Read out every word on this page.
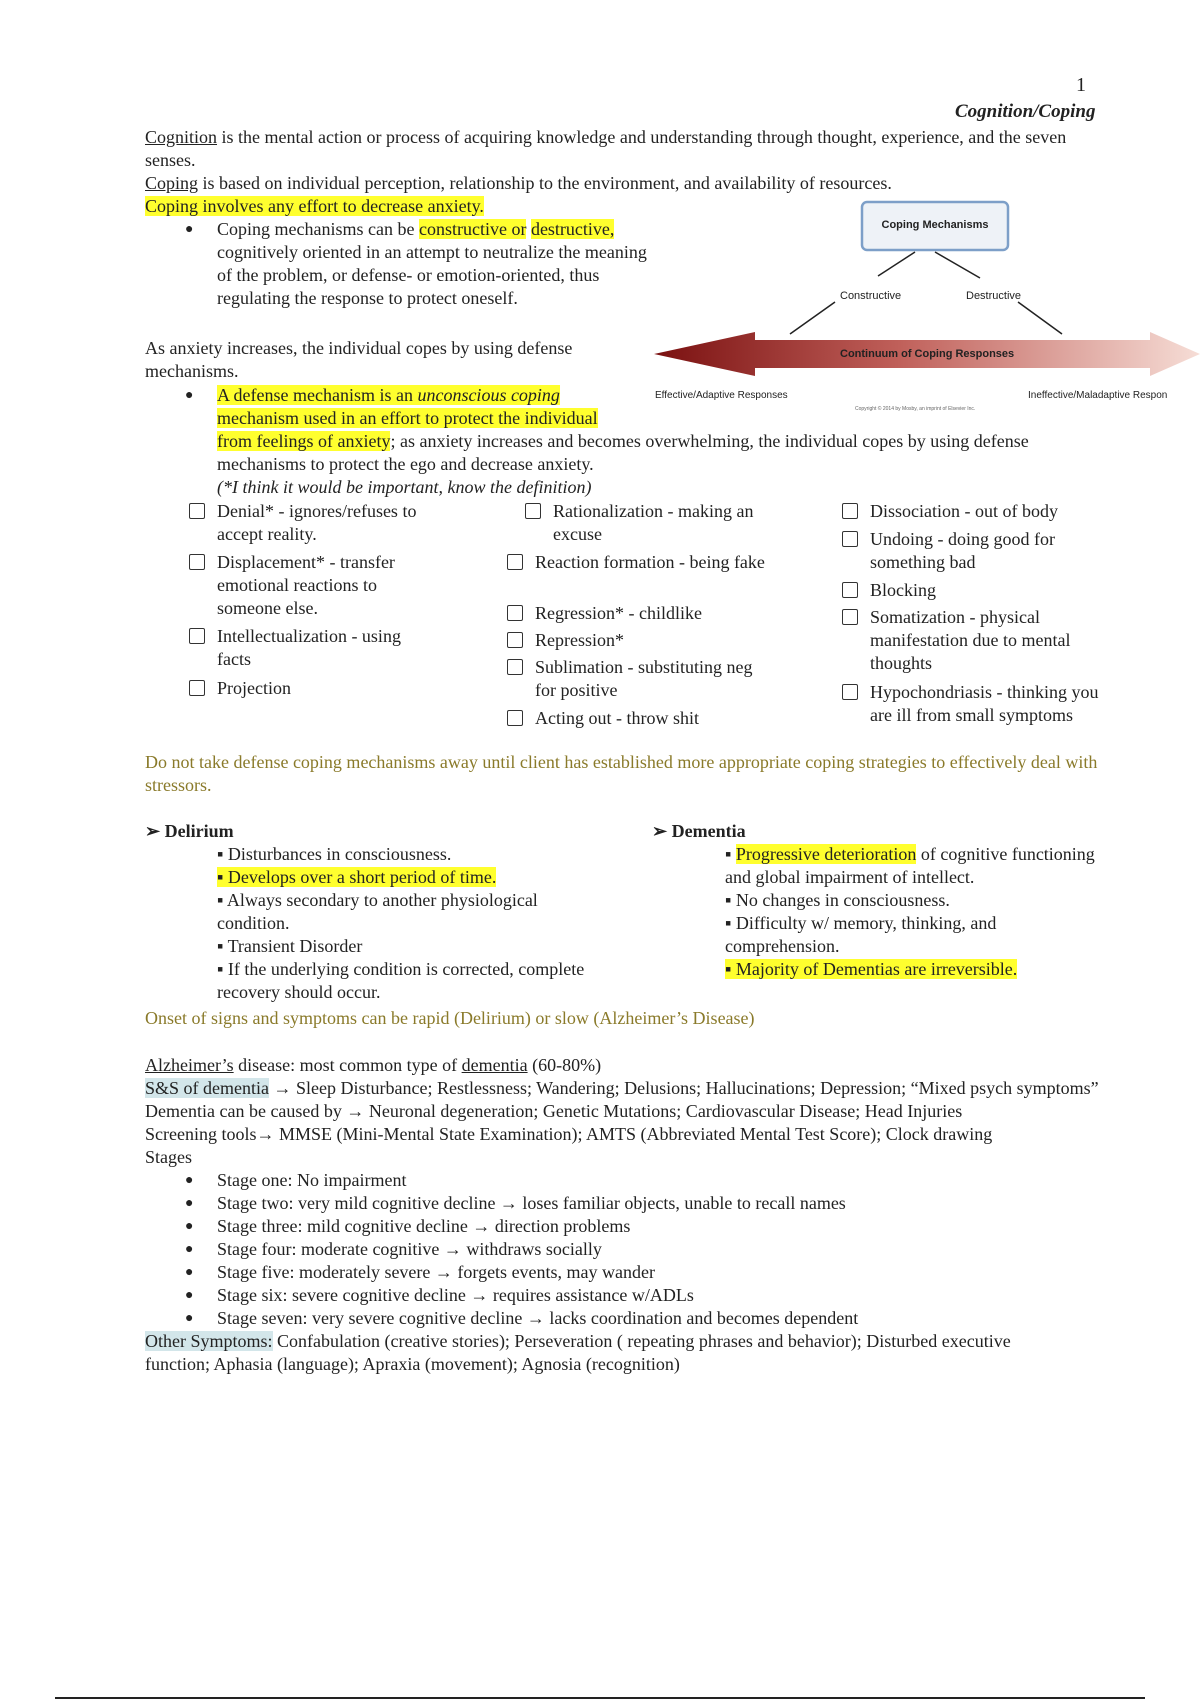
1
Cognition/Coping
Cognition is the mental action or process of acquiring knowledge and understanding through thought, experience, and the seven senses.
Coping is based on individual perception, relationship to the environment, and availability of resources.
Coping involves any effort to decrease anxiety.
● Coping mechanisms can be constructive or destructive, cognitively oriented in an attempt to neutralize the meaning of the problem, or defense- or emotion-oriented, thus regulating the response to protect oneself.
As anxiety increases, the individual copes by using defense mechanisms.
● A defense mechanism is an unconscious coping
mechanism used in an effort to protect the individual
from feelings of anxiety; as anxiety increases and becomes overwhelming, the individual copes by using defense mechanisms to protect the ego and decrease anxiety.
(*I think it would be important, know the definition)
Coping Mechanisms
Constructive	Destructive
Continuum of Coping Responses
Effective/Adaptive Responses	Ineffective/Maladaptive Respon
Copyright © 2014 by Mosby, an imprint of Elsevier Inc.
Denial* - ignores/refuses to accept reality.
Displacement* - transfer emotional reactions to someone else.
Intellectualization - using facts
Projection
Rationalization - making an excuse
Reaction formation - being fake
Regression* - childlike
Repression*
Sublimation - substituting neg for positive
Acting out - throw shit
Dissociation - out of body
Undoing - doing good for something bad
Blocking
Somatization - physical manifestation due to mental thoughts
Hypochondriasis - thinking you are ill from small symptoms
Do not take defense coping mechanisms away until client has established more appropriate coping strategies to effectively deal with stressors.
➢ Delirium
▪ Disturbances in consciousness.
▪ Develops over a short period of time.
▪ Always secondary to another physiological condition.
▪ Transient Disorder
▪ If the underlying condition is corrected, complete recovery should occur.
➢ Dementia
▪ Progressive deterioration of cognitive functioning and global impairment of intellect.
▪ No changes in consciousness.
▪ Difficulty w/ memory, thinking, and comprehension.
▪ Majority of Dementias are irreversible.
Onset of signs and symptoms can be rapid (Delirium) or slow (Alzheimer’s Disease)
Alzheimer’s disease: most common type of dementia (60-80%)
S&S of dementia → Sleep Disturbance; Restlessness; Wandering; Delusions; Hallucinations; Depression; “Mixed psych symptoms”
Dementia can be caused by → Neuronal degeneration; Genetic Mutations; Cardiovascular Disease; Head Injuries
Screening tools→ MMSE (Mini-Mental State Examination); AMTS (Abbreviated Mental Test Score); Clock drawing
Stages
● Stage one: No impairment
● Stage two: very mild cognitive decline → loses familiar objects, unable to recall names
● Stage three: mild cognitive decline → direction problems
● Stage four: moderate cognitive → withdraws socially
● Stage five: moderately severe → forgets events, may wander
● Stage six: severe cognitive decline → requires assistance w/ADLs
● Stage seven: very severe cognitive decline → lacks coordination and becomes dependent
Other Symptoms: Confabulation (creative stories); Perseveration ( repeating phrases and behavior); Disturbed executive function; Aphasia (language); Apraxia (movement); Agnosia (recognition)
